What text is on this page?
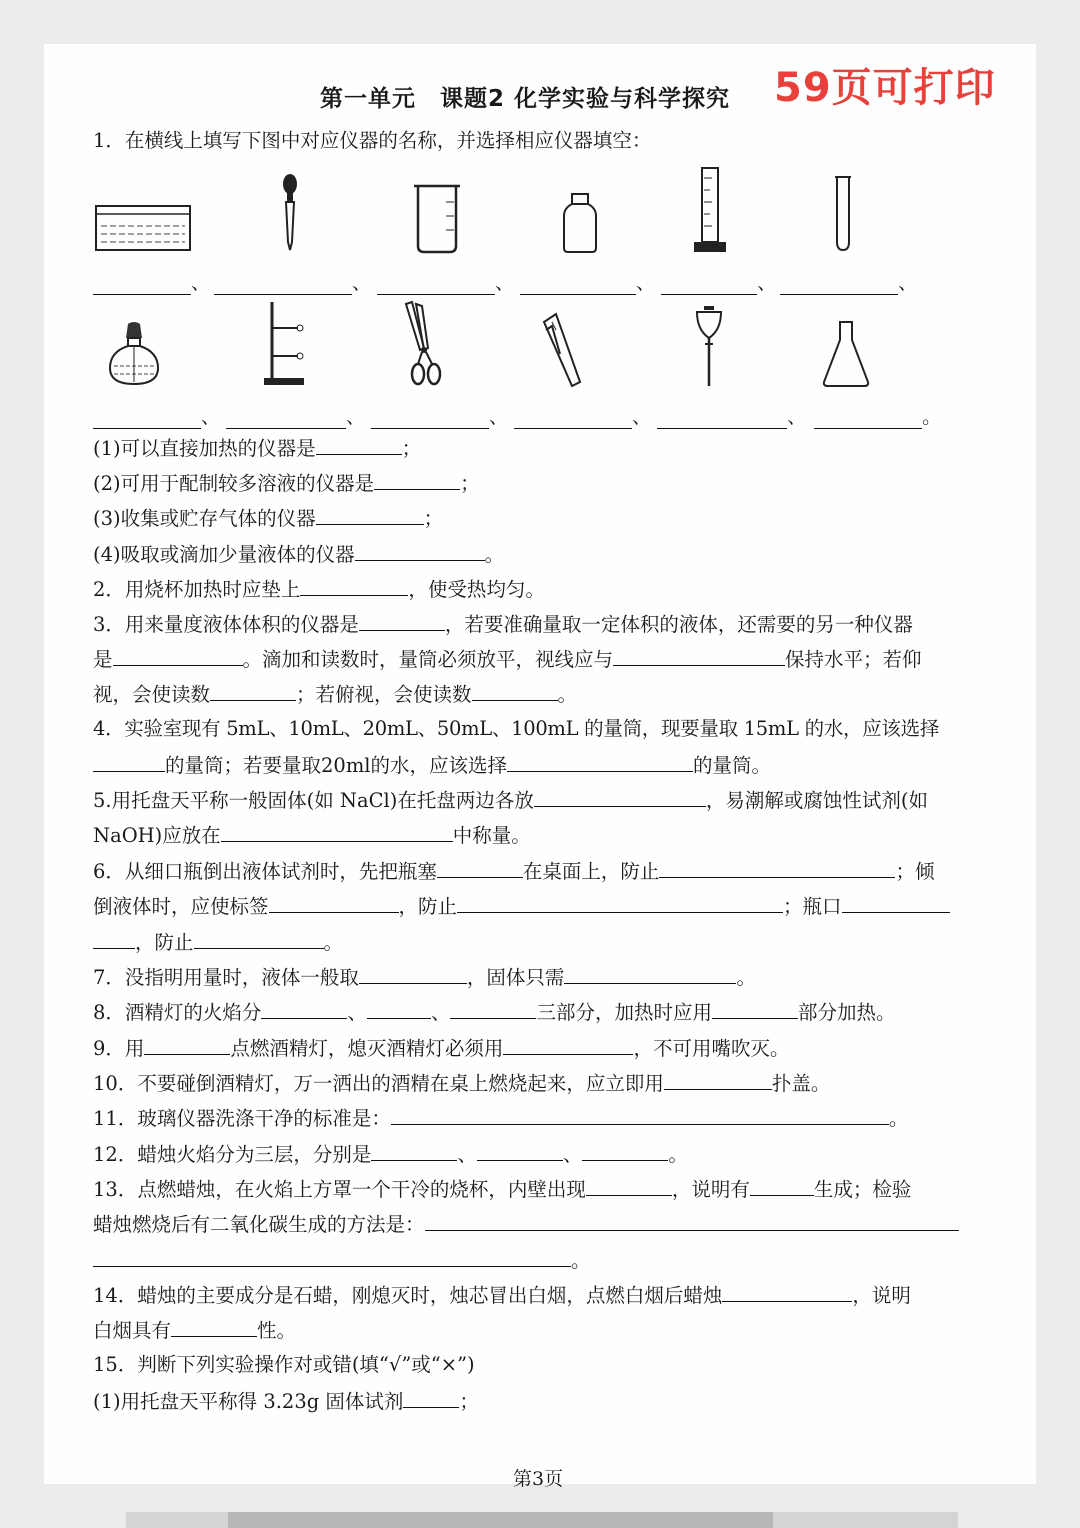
第一单元　课题2 化学实验与科学探究 59页可打印
1．在横线上填写下图中对应仪器的名称，并选择相应仪器填空：
、	、	、	、	、	、
、	、	、	、	、	。
(1)可以直接加热的仪器是	；
(2)可用于配制较多溶液的仪器是	；
(3)收集或贮存气体的仪器	；
(4)吸取或滴加少量液体的仪器	。
2．用烧杯加热时应垫上	，使受热均匀。
3．用来量度液体体积的仪器是	，若要准确量取一定体积的液体，还需要的另一种仪器
是	。滴加和读数时，量筒必须放平，视线应与	保持水平；若仰
视，会使读数	；若俯视，会使读数	。
4．实验室现有 5mL、10mL、20mL、50mL、100mL 的量筒，现要量取 15mL 的水，应该选择
的量筒；若要量取20ml的水，应该选择	的量筒。
5.用托盘天平称一般固体(如 NaCl)在托盘两边各放	，易潮解或腐蚀性试剂(如
NaOH)应放在	中称量。
6．从细口瓶倒出液体试剂时，先把瓶塞	在桌面上，防止	；倾
倒液体时，应使标签	，防止	；瓶口
，防止	。
7．没指明用量时，液体一般取	，固体只需	。
8．酒精灯的火焰分	、	、	三部分，加热时应用	部分加热。
9．用	点燃酒精灯，熄灭酒精灯必须用	，不可用嘴吹灭。
10．不要碰倒酒精灯，万一洒出的酒精在桌上燃烧起来，应立即用	扑盖。
11．玻璃仪器洗涤干净的标准是：	。
12．蜡烛火焰分为三层，分别是	、	、	。
13．点燃蜡烛，在火焰上方罩一个干冷的烧杯，内壁出现	，说明有	生成；检验
蜡烛燃烧后有二氧化碳生成的方法是：
。
14．蜡烛的主要成分是石蜡，刚熄灭时，烛芯冒出白烟，点燃白烟后蜡烛	，说明
白烟具有	性。
15．判断下列实验操作对或错(填“√”或“×”)
(1)用托盘天平称得 3.23g 固体试剂	；
第3页
